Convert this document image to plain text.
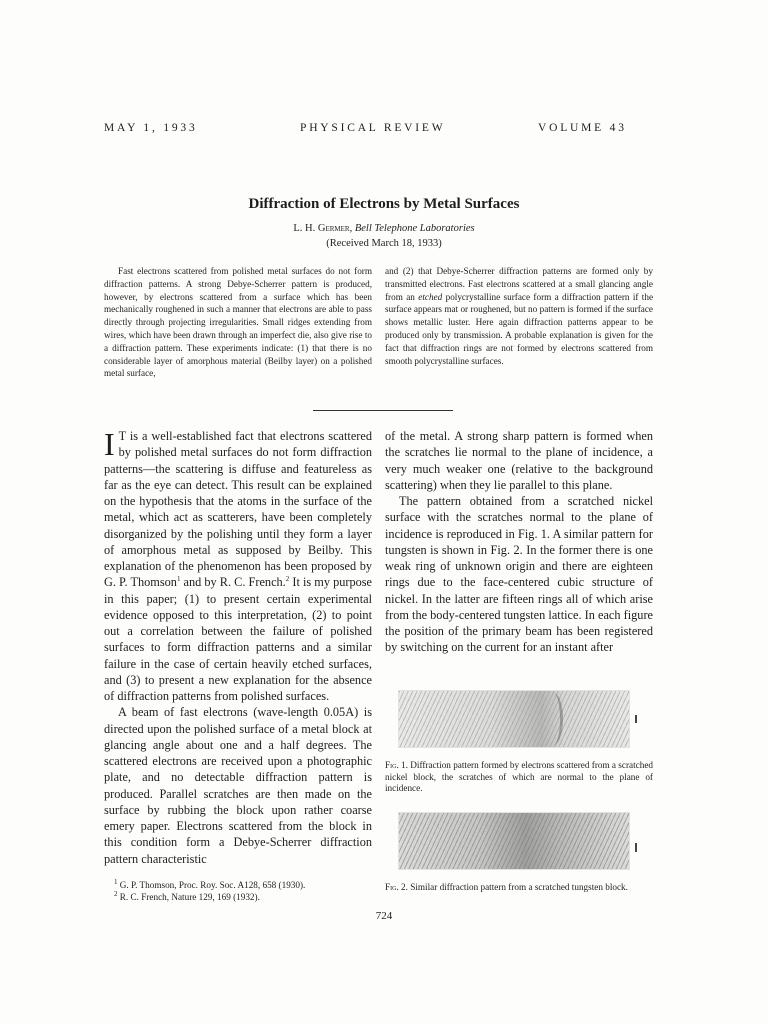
MAY 1, 1933	PHYSICAL REVIEW	VOLUME 43
Diffraction of Electrons by Metal Surfaces
L. H. Germer, Bell Telephone Laboratories
(Received March 18, 1933)
Fast electrons scattered from polished metal surfaces do not form diffraction patterns. A strong Debye-Scherrer pattern is produced, however, by electrons scattered from a surface which has been mechanically roughened in such a manner that electrons are able to pass directly through projecting irregularities. Small ridges extending from wires, which have been drawn through an imperfect die, also give rise to a diffraction pattern. These experiments indicate: (1) that there is no considerable layer of amorphous material (Beilby layer) on a polished metal surface,
and (2) that Debye-Scherrer diffraction patterns are formed only by transmitted electrons. Fast electrons scattered at a small glancing angle from an etched polycrystalline surface form a diffraction pattern if the surface appears mat or roughened, but no pattern is formed if the surface shows metallic luster. Here again diffraction patterns appear to be produced only by transmission. A probable explanation is given for the fact that diffraction rings are not formed by electrons scattered from smooth polycrystalline surfaces.

I T is a well-established fact that electrons scattered by polished metal surfaces do not form diffraction patterns—the scattering is diffuse and featureless as far as the eye can detect. This result can be explained on the hypothesis that the atoms in the surface of the metal, which act as scatterers, have been completely disorganized by the polishing until they form a layer of amorphous metal as supposed by Beilby. This explanation of the phenomenon has been proposed by G. P. Thomson$^1$ and by R. C. French.$^2$ It is my purpose in this paper; (1) to present certain experimental evidence opposed to this interpretation, (2) to point out a correlation between the failure of polished surfaces to form diffraction patterns and a similar failure in the case of certain heavily etched surfaces, and (3) to present a new explanation for the absence of diffraction patterns from polished surfaces.

A beam of fast electrons (wave-length 0.05A) is directed upon the polished surface of a metal block at glancing angle about one and a half degrees. The scattered electrons are received upon a photographic plate, and no detectable diffraction pattern is produced. Parallel scratches are then made on the surface by rubbing the block upon rather coarse emery paper. Electrons scattered from the block in this condition form a Debye-Scherrer diffraction pattern characteristic

of the metal. A strong sharp pattern is formed when the scratches lie normal to the plane of incidence, a very much weaker one (relative to the background scattering) when they lie parallel to this plane.

The pattern obtained from a scratched nickel surface with the scratches normal to the plane of incidence is reproduced in Fig. 1. A similar pattern for tungsten is shown in Fig. 2. In the former there is one weak ring of unknown origin and there are eighteen rings due to the face-centered cubic structure of nickel. In the latter are fifteen rings all of which arise from the body-centered tungsten lattice. In each figure the position of the primary beam has been registered by switching on the current for an instant after

Fig. 1. Diffraction pattern formed by electrons scattered from a scratched nickel block, the scratches of which are normal to the plane of incidence.
Fig. 2. Similar diffraction pattern from a scratched tungsten block.
$^1$ G. P. Thomson, Proc. Roy. Soc. A128, 658 (1930).
$^2$ R. C. French, Nature 129, 169 (1932).
724
